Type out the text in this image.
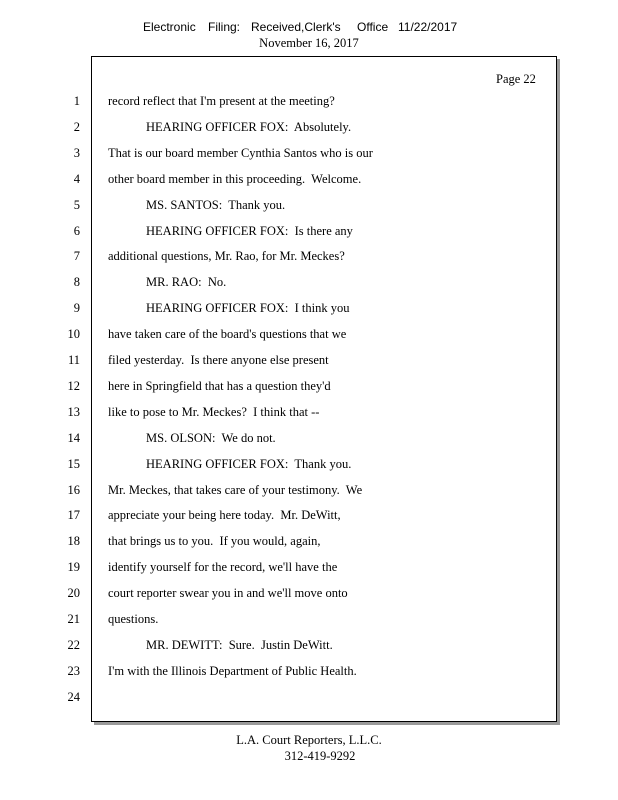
Electronic Filing: Received,Clerk's Office 11/22/2017
November 16, 2017
Page 22
1 record reflect that I'm present at the meeting?
2	HEARING OFFICER FOX:  Absolutely.
3 That is our board member Cynthia Santos who is our
4 other board member in this proceeding.  Welcome.
5	MS. SANTOS:  Thank you.
6	HEARING OFFICER FOX:  Is there any
7 additional questions, Mr. Rao, for Mr. Meckes?
8	MR. RAO:  No.
9	HEARING OFFICER FOX:  I think you
10 have taken care of the board's questions that we
11 filed yesterday.  Is there anyone else present
12 here in Springfield that has a question they'd
13 like to pose to Mr. Meckes?  I think that --
14	MS. OLSON:  We do not.
15	HEARING OFFICER FOX:  Thank you.
16 Mr. Meckes, that takes care of your testimony.  We
17 appreciate your being here today.  Mr. DeWitt,
18 that brings us to you.  If you would, again,
19 identify yourself for the record, we'll have the
20 court reporter swear you in and we'll move onto
21 questions.
22	MR. DEWITT:  Sure.  Justin DeWitt.
23 I'm with the Illinois Department of Public Health.
24
L.A. Court Reporters, L.L.C.
312-419-9292
